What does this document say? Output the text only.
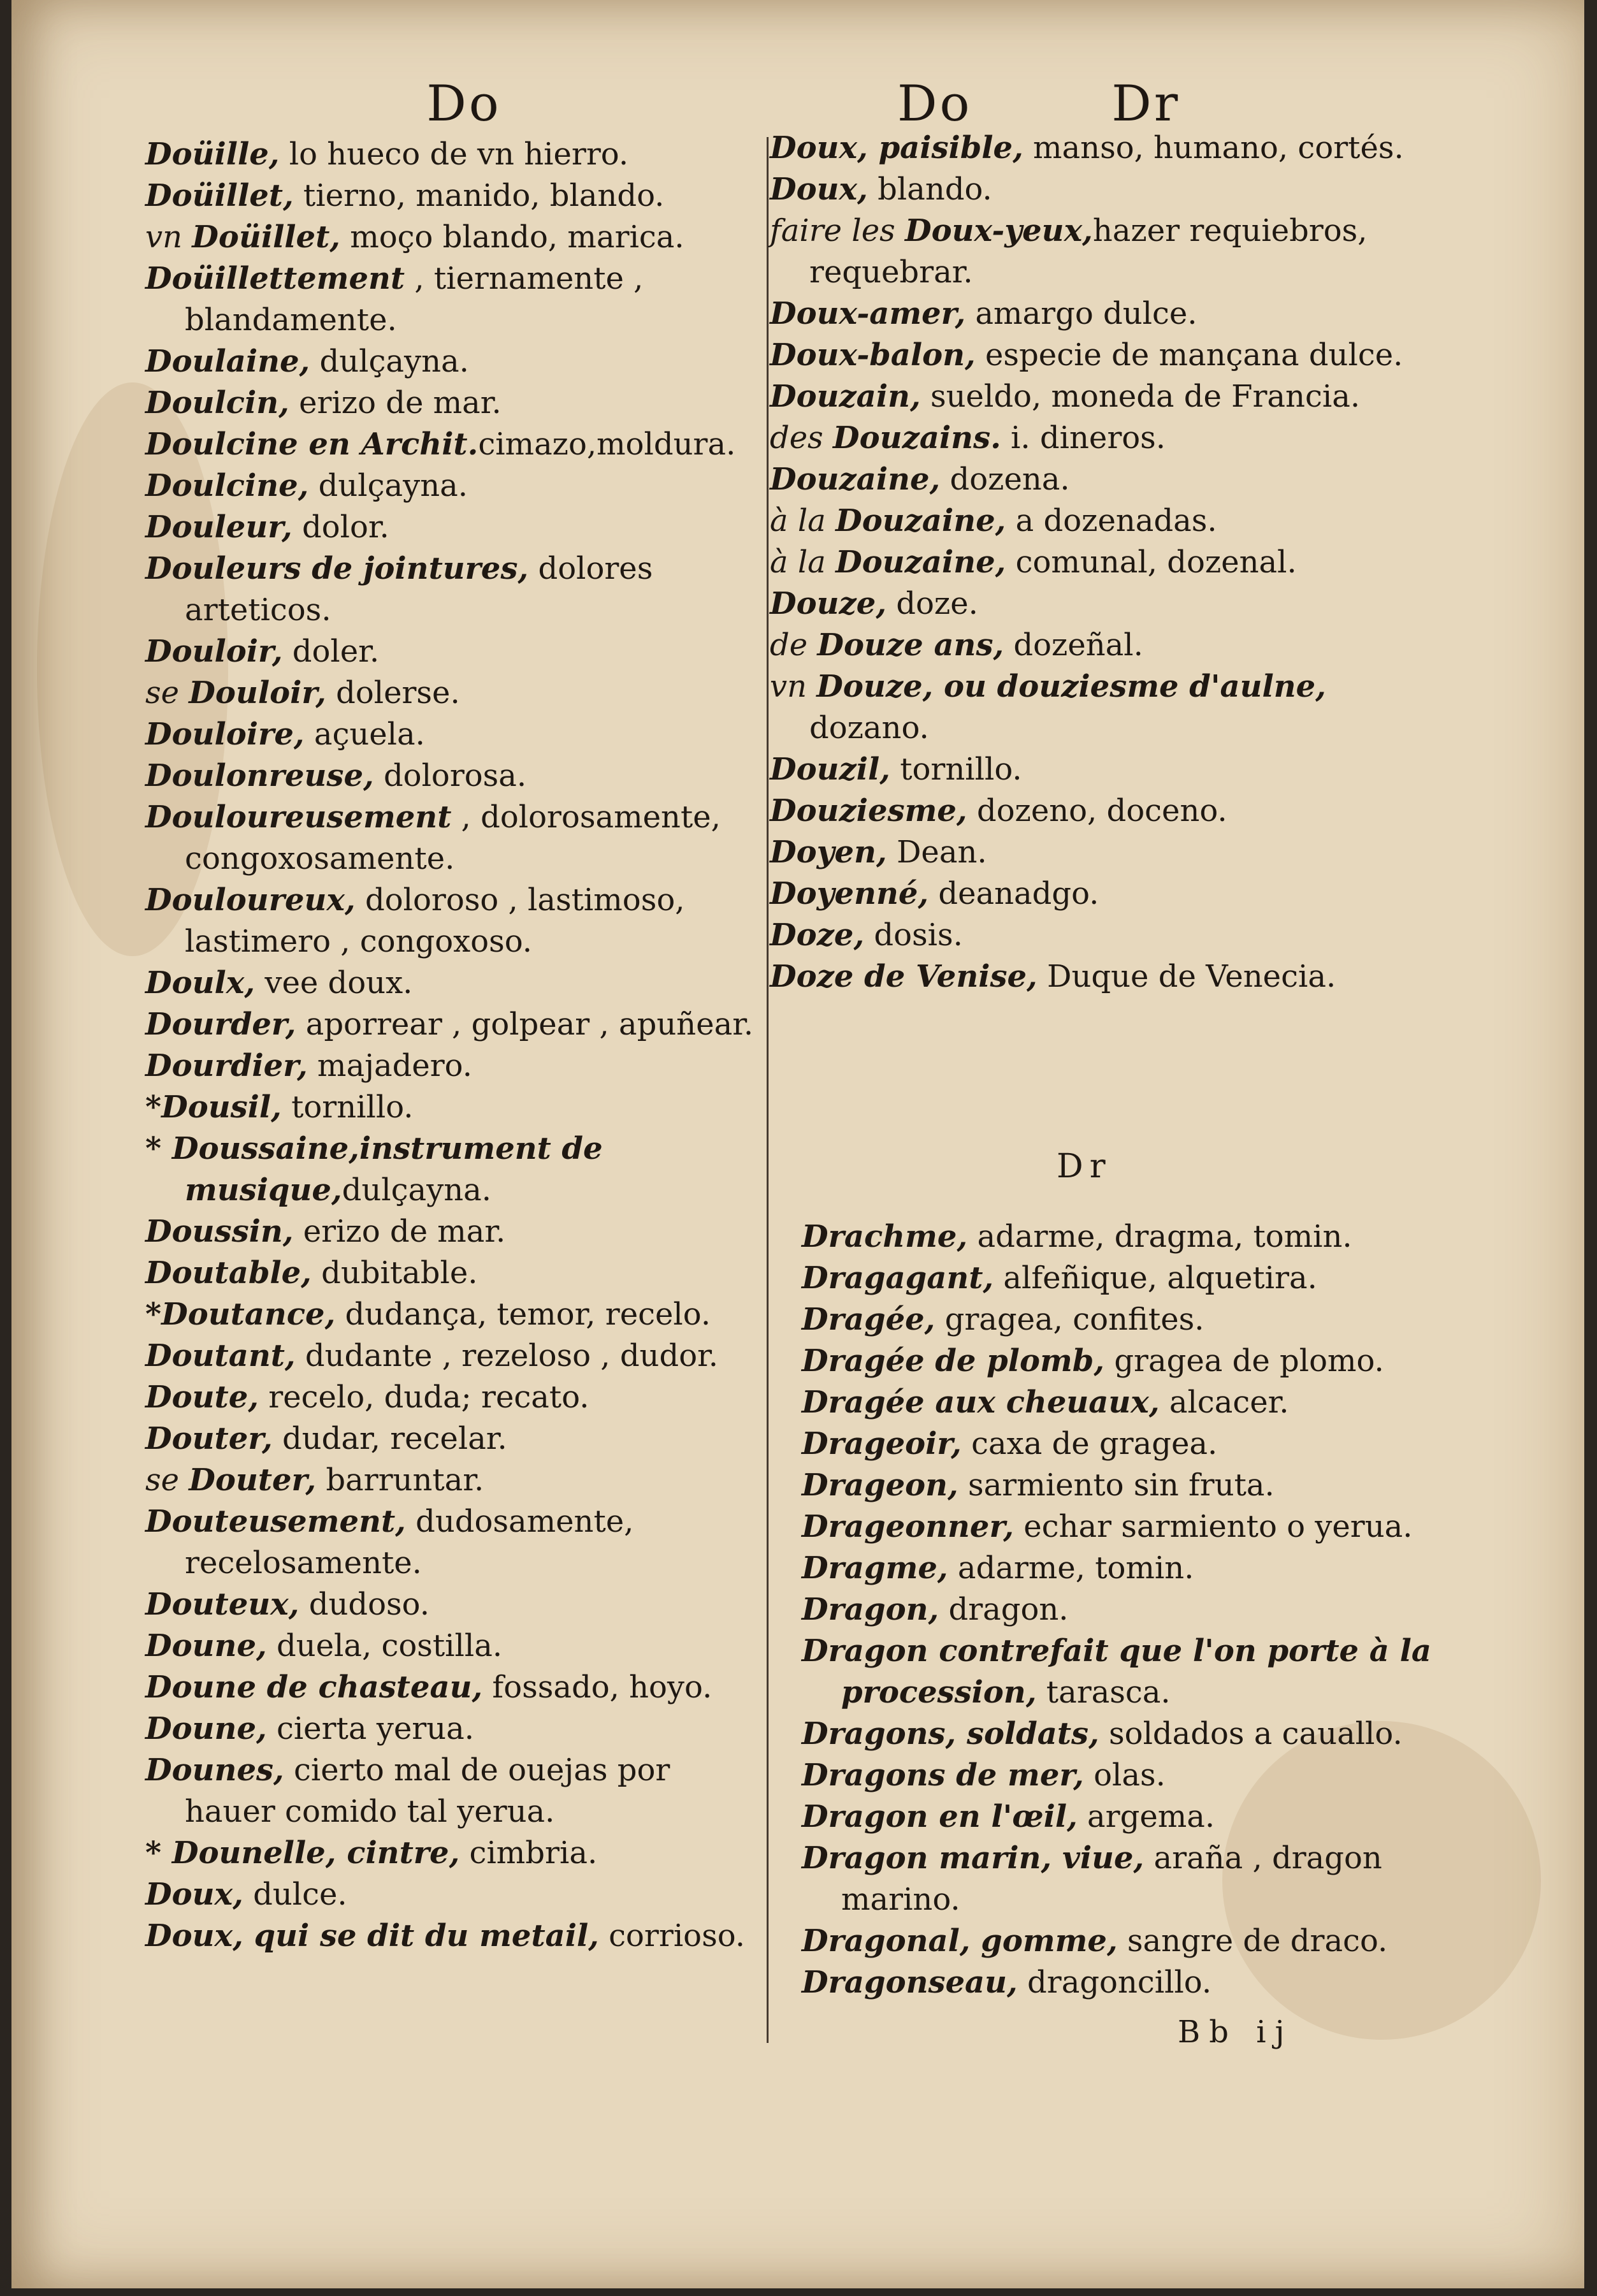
Do	Do	Dr
Doüille, lo hueco de vn hierro.
Doüillet, tierno, manido, blando.
vn Doüillet, moço blando, marica.
Doüillettement , tiernamente , blandamente.
Doulaine, dulçayna.
Doulcin, erizo de mar.
Doulcine en Archit.cimazo,moldura.
Doulcine, dulçayna.
Douleur, dolor.
Douleurs de jointures, dolores arteticos.
Douloir, doler.
se Douloir, dolerse.
Douloire, açuela.
Doulonreuse, dolorosa.
Douloureusement , dolorosamente, congoxosamente.
Douloureux, doloroso , lastimoso, lastimero , congoxoso.
Doulx, vee doux.
Dourder, aporrear , golpear , apuñear.
Dourdier, majadero.
*Dousil, tornillo.
* Doussaine,instrument de musique,dulçayna.
Doussin, erizo de mar.
Doutable, dubitable.
*Doutance, dudança, temor, recelo.
Doutant, dudante , rezeloso , dudor.
Doute, recelo, duda; recato.
Douter, dudar, recelar.
se Douter, barruntar.
Douteusement, dudosamente, recelosamente.
Douteux, dudoso.
Doune, duela, costilla.
Doune de chasteau, fossado, hoyo.
Doune, cierta yerua.
Dounes, cierto mal de ouejas por hauer comido tal yerua.
* Dounelle, cintre, cimbria.
Doux, dulce.
Doux, qui se dit du metail, corrioso.
Doux, paisible, manso, humano, cortés.
Doux, blando.
faire les Doux-yeux,hazer requiebros, requebrar.
Doux-amer, amargo dulce.
Doux-balon, especie de mançana dulce.
Douzain, sueldo, moneda de Francia.
des Douzains. i. dineros.
Douzaine, dozena.
à la Douzaine, a dozenadas.
à la Douzaine, comunal, dozenal.
Douze, doze.
de Douze ans, dozeñal.
vn Douze, ou douziesme d'aulne, dozano.
Douzil, tornillo.
Douziesme, dozeno, doceno.
Doyen, Dean.
Doyenné, deanadgo.
Doze, dosis.
Doze de Venise, Duque de Venecia.
Dr
Drachme, adarme, dragma, tomin.
Dragagant, alfeñique, alquetira.
Dragée, gragea, confites.
Dragée de plomb, gragea de plomo.
Dragée aux cheuaux, alcacer.
Drageoir, caxa de gragea.
Drageon, sarmiento sin fruta.
Drageonner, echar sarmiento o yerua.
Dragme, adarme, tomin.
Dragon, dragon.
Dragon contrefait que l'on porte à la procession, tarasca.
Dragons, soldats, soldados a cauallo.
Dragons de mer, olas.
Dragon en l'œil, argema.
Dragon marin, viue, araña , dragon marino.
Dragonal, gomme, sangre de draco.
Dragonseau, dragoncillo.
Bb ij
